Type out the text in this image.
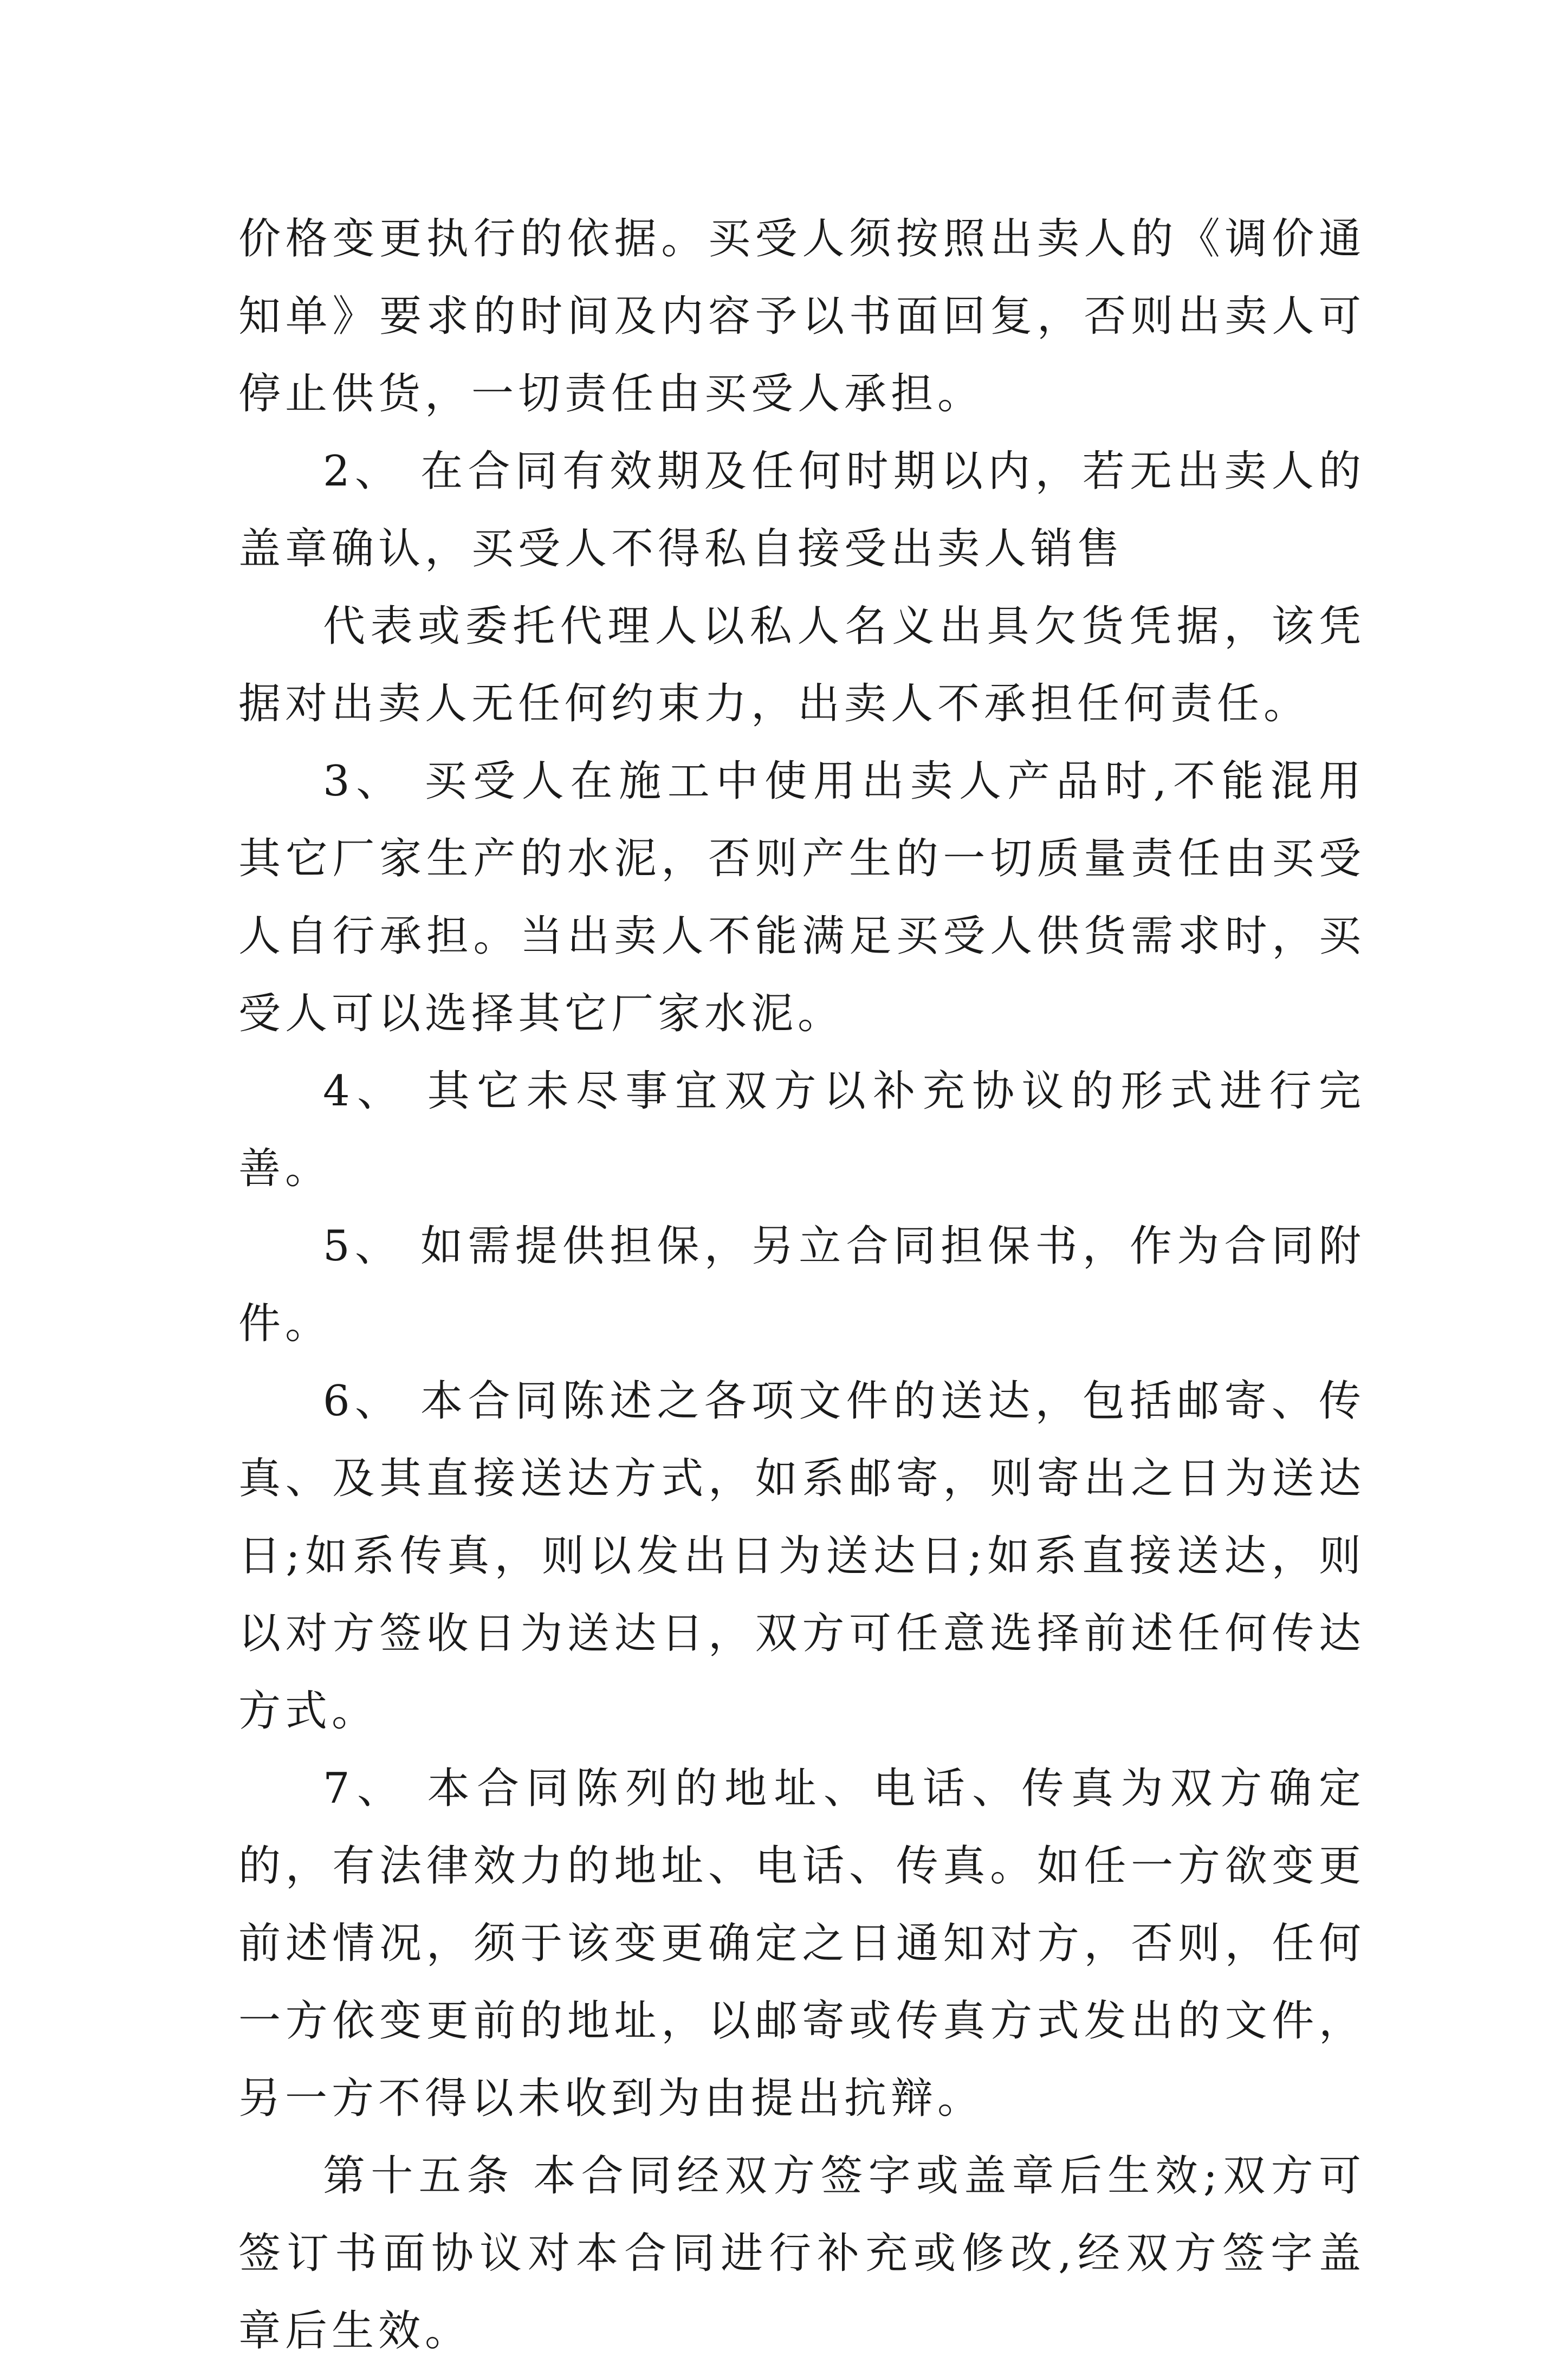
价格变更执行的依据。买受人须按照出卖人的《调价通知单》要求的时间及内容予以书面回复，否则出卖人可停止供货，一切责任由买受人承担。

2、 在合同有效期及任何时期以内，若无出卖人的盖章确认，买受人不得私自接受出卖人销售

代表或委托代理人以私人名义出具欠货凭据，该凭据对出卖人无任何约束力，出卖人不承担任何责任。

3、 买受人在施工中使用出卖人产品时,不能混用其它厂家生产的水泥，否则产生的一切质量责任由买受人自行承担。当出卖人不能满足买受人供货需求时，买受人可以选择其它厂家水泥。

4、 其它未尽事宜双方以补充协议的形式进行完善。

5、 如需提供担保，另立合同担保书，作为合同附件。

6、 本合同陈述之各项文件的送达，包括邮寄、传真、及其直接送达方式，如系邮寄，则寄出之日为送达日;如系传真，则以发出日为送达日;如系直接送达，则以对方签收日为送达日，双方可任意选择前述任何传达方式。

7、 本合同陈列的地址、电话、传真为双方确定的，有法律效力的地址、电话、传真。如任一方欲变更前述情况，须于该变更确定之日通知对方，否则，任何一方依变更前的地址，以邮寄或传真方式发出的文件，另一方不得以未收到为由提出抗辩。

第十五条 本合同经双方签字或盖章后生效;双方可签订书面协议对本合同进行补充或修改,经双方签字盖章后生效。
